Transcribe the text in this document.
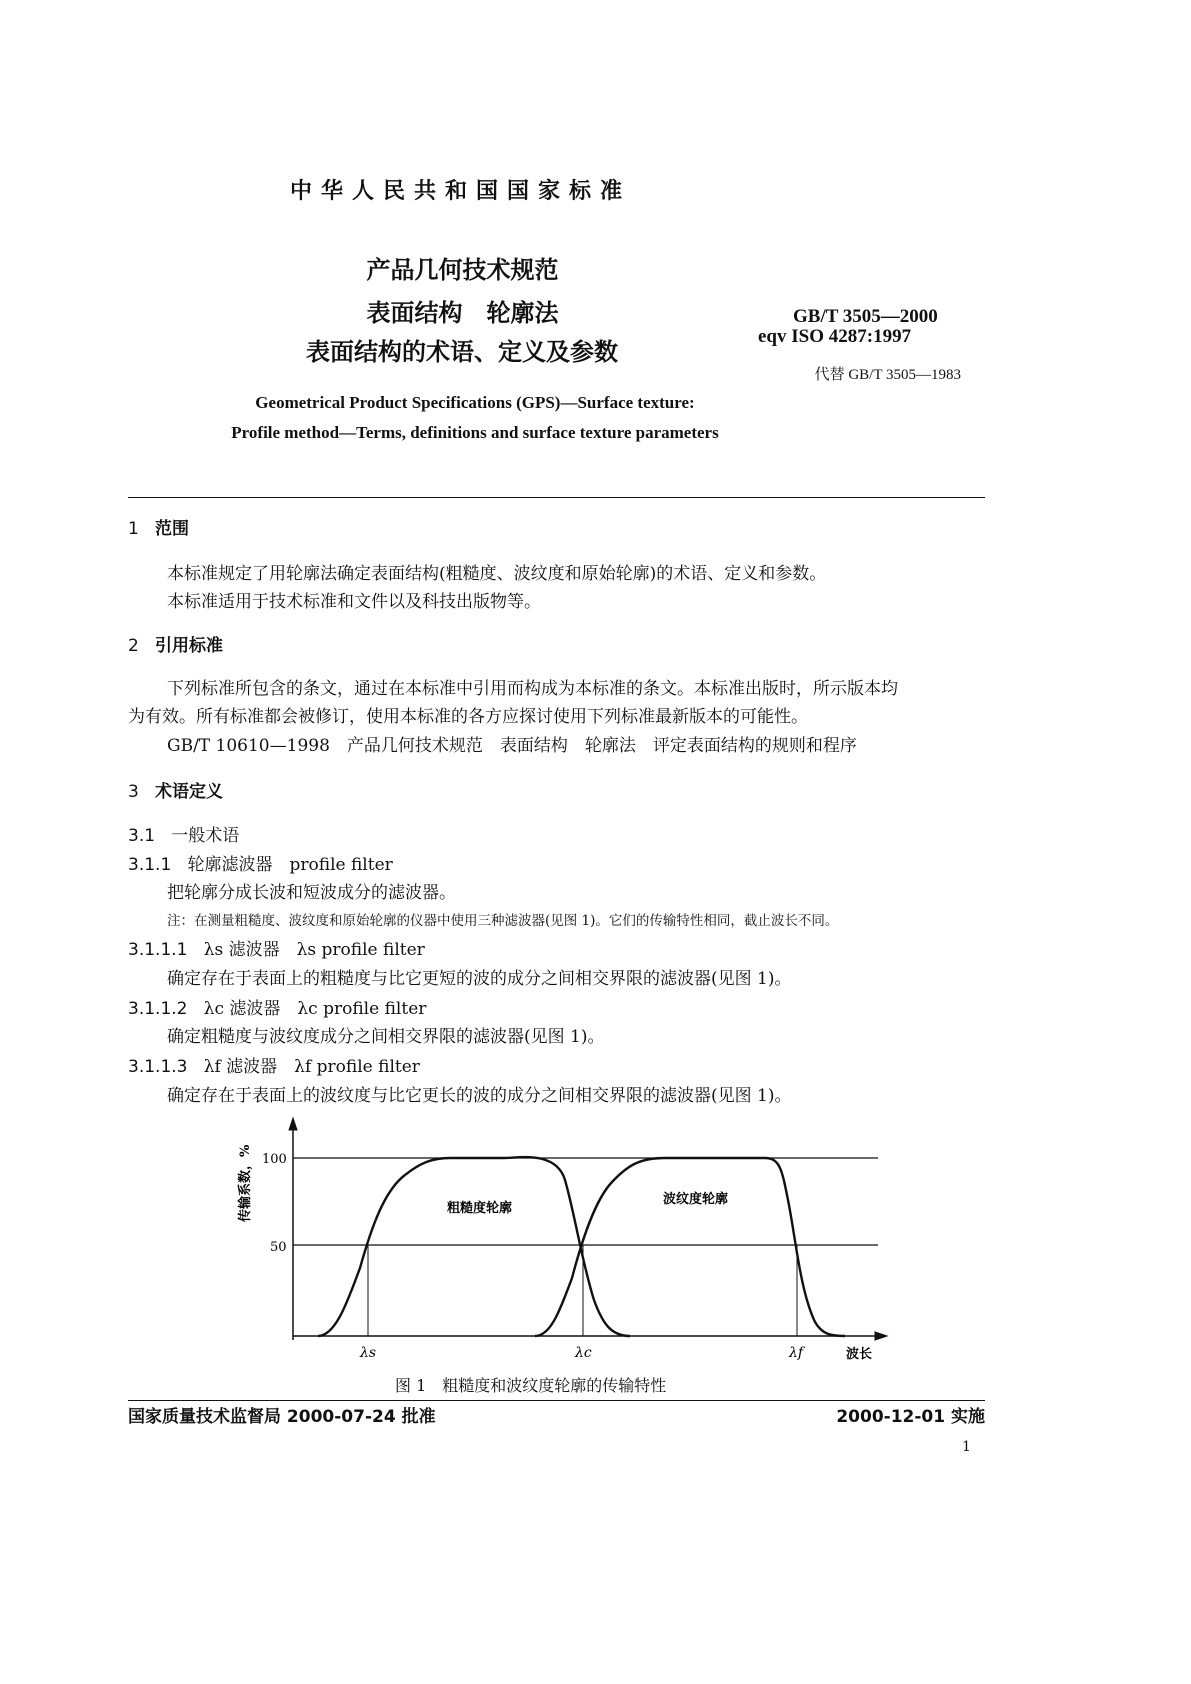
中华人民共和国国家标准
产品几何技术规范
表面结构　轮廓法
表面结构的术语、定义及参数
GB/T 3505—2000
eqv ISO 4287:1997
代替 GB/T 3505—1983
Geometrical Product Specifications (GPS)—Surface texture:
Profile method—Terms, definitions and surface texture parameters
1 范围
本标准规定了用轮廓法确定表面结构(粗糙度、波纹度和原始轮廓)的术语、定义和参数。
本标准适用于技术标准和文件以及科技出版物等。
2 引用标准
下列标准所包含的条文，通过在本标准中引用而构成为本标准的条文。本标准出版时，所示版本均
为有效。所有标准都会被修订，使用本标准的各方应探讨使用下列标准最新版本的可能性。
GB/T 10610—1998　产品几何技术规范　表面结构　轮廓法　评定表面结构的规则和程序
3 术语定义
3.1 一般术语
3.1.1 轮廓滤波器　profile filter
把轮廓分成长波和短波成分的滤波器。
注：在测量粗糙度、波纹度和原始轮廓的仪器中使用三种滤波器(见图 1)。它们的传输特性相同，截止波长不同。
3.1.1.1 λs 滤波器　λs profile filter
确定存在于表面上的粗糙度与比它更短的波的成分之间相交界限的滤波器(见图 1)。
3.1.1.2 λc 滤波器　λc profile filter
确定粗糙度与波纹度成分之间相交界限的滤波器(见图 1)。
3.1.1.3 λf 滤波器　λf profile filter
确定存在于表面上的波纹度与比它更长的波的成分之间相交界限的滤波器(见图 1)。
100
50
传输系数，%	粗糙度轮廓
波纹度轮廓
λs	λc	λf	波长
图 1　粗糙度和波纹度轮廓的传输特性
国家质量技术监督局 2000-07-24 批准	2000-12-01 实施
1
